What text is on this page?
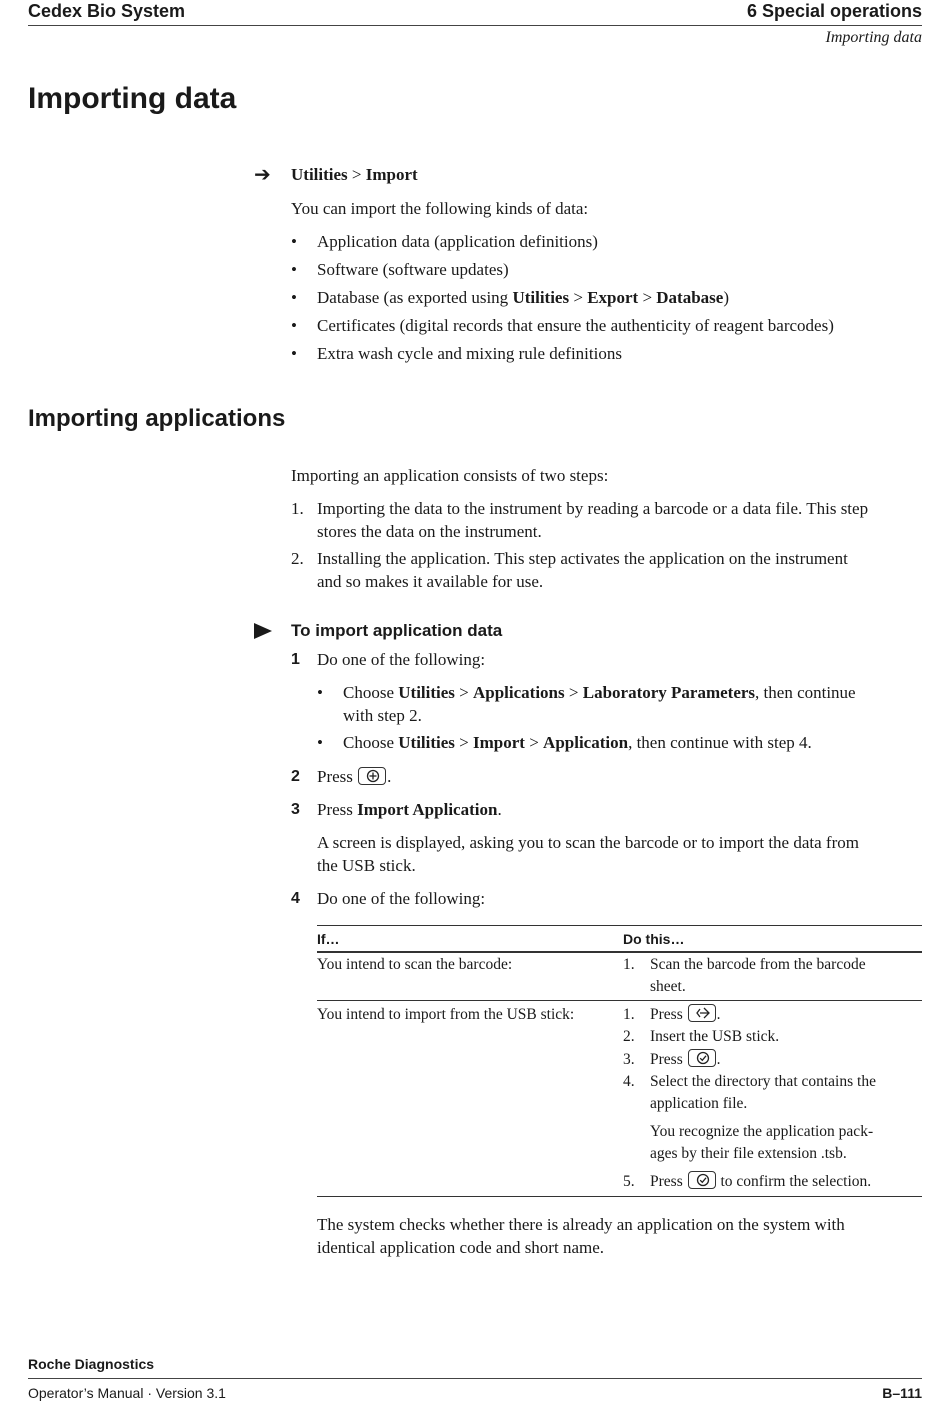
Cedex Bio System	6 Special operations
Importing data
Importing data
➔ Utilities > Import
You can import the following kinds of data:
• Application data (application definitions)
• Software (software updates)
• Database (as exported using Utilities > Export > Database)
• Certificates (digital records that ensure the authenticity of reagent barcodes)
• Extra wash cycle and mixing rule definitions
Importing applications
Importing an application consists of two steps:
1. Importing the data to the instrument by reading a barcode or a data file. This step
stores the data on the instrument.
2. Installing the application. This step activates the application on the instrument
and so makes it available for use.
To import application data
1 Do one of the following:
• Choose Utilities > Applications > Laboratory Parameters, then continue
with step 2.
• Choose Utilities > Import > Application, then continue with step 4.
2 Press .
3 Press Import Application.
A screen is displayed, asking you to scan the barcode or to import the data from
the USB stick.
4 Do one of the following:
If…	Do this…
You intend to scan the barcode:	1. Scan the barcode from the barcode
sheet.
You intend to import from the USB stick:	1. Press .
2. Insert the USB stick.
3. Press .
4. Select the directory that contains the
application file.
You recognize the application pack-
ages by their file extension .tsb.
5. Press to confirm the selection.
The system checks whether there is already an application on the system with
identical application code and short name.
Roche Diagnostics
Operator’s Manual · Version 3.1	B–111
